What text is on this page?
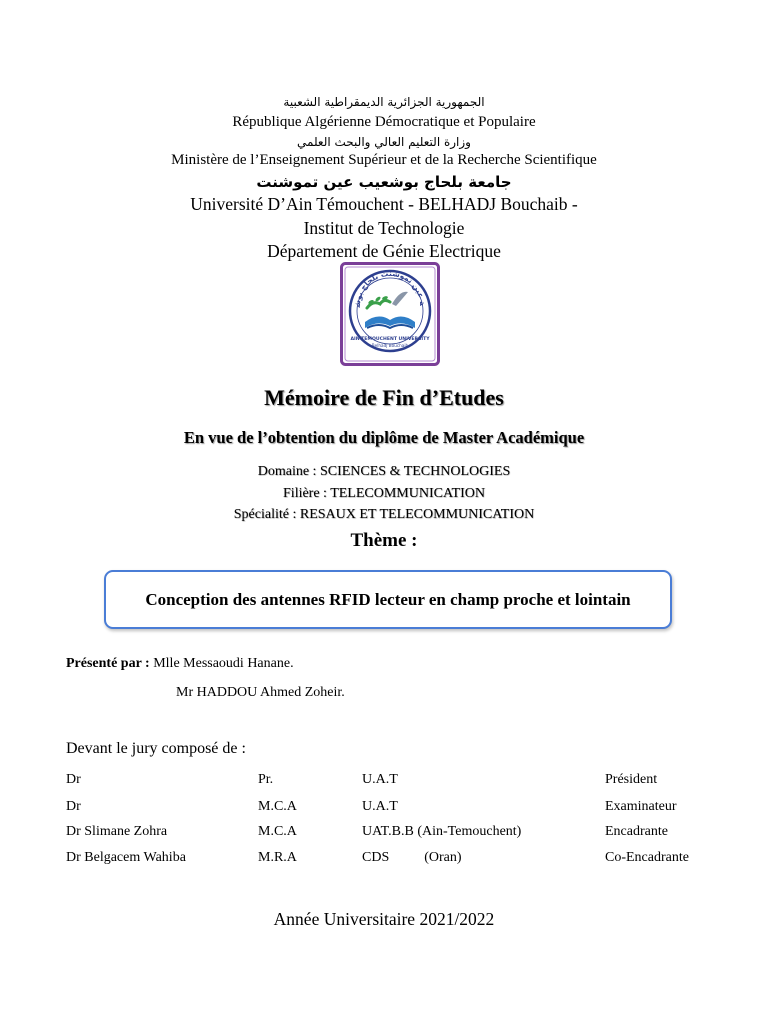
الجمهورية الجزائرية الديمقراطية الشعبية
République Algérienne Démocratique et Populaire
وزارة التعليم العالي والبحث العلمي
Ministère de l’Enseignement Supérieur et de la Recherche Scientifique
جامعة بلحاج بوشعيب عين تموشنت
Université D’Ain Témouchent - BELHADJ Bouchaib -
Institut de Technologie
Département de Génie Electrique
ة عين تموشنت بلحاج بوش
AIN TEMOUCHENT UNIVERSITY
Belhadj Bouchaib
Mémoire de Fin d’Etudes
En vue de l’obtention du diplôme de Master Académique
Domaine : SCIENCES & TECHNOLOGIES
Filière : TELECOMMUNICATION
Spécialité : RESAUX ET TELECOMMUNICATION
Thème :
Conception des antennes RFID lecteur en champ proche et lointain
Présenté par : Mlle Messaoudi Hanane.
Mr HADDOU Ahmed Zoheir.
Devant le jury composé de :
Dr	Pr.	U.A.T	Président
Dr	M.C.A	U.A.T	Examinateur
Dr Slimane Zohra	M.C.A	UAT.B.B (Ain-Temouchent)	Encadrante
Dr Belgacem Wahiba	M.R.A	CDS          (Oran)	Co-Encadrante
Année Universitaire 2021/2022
